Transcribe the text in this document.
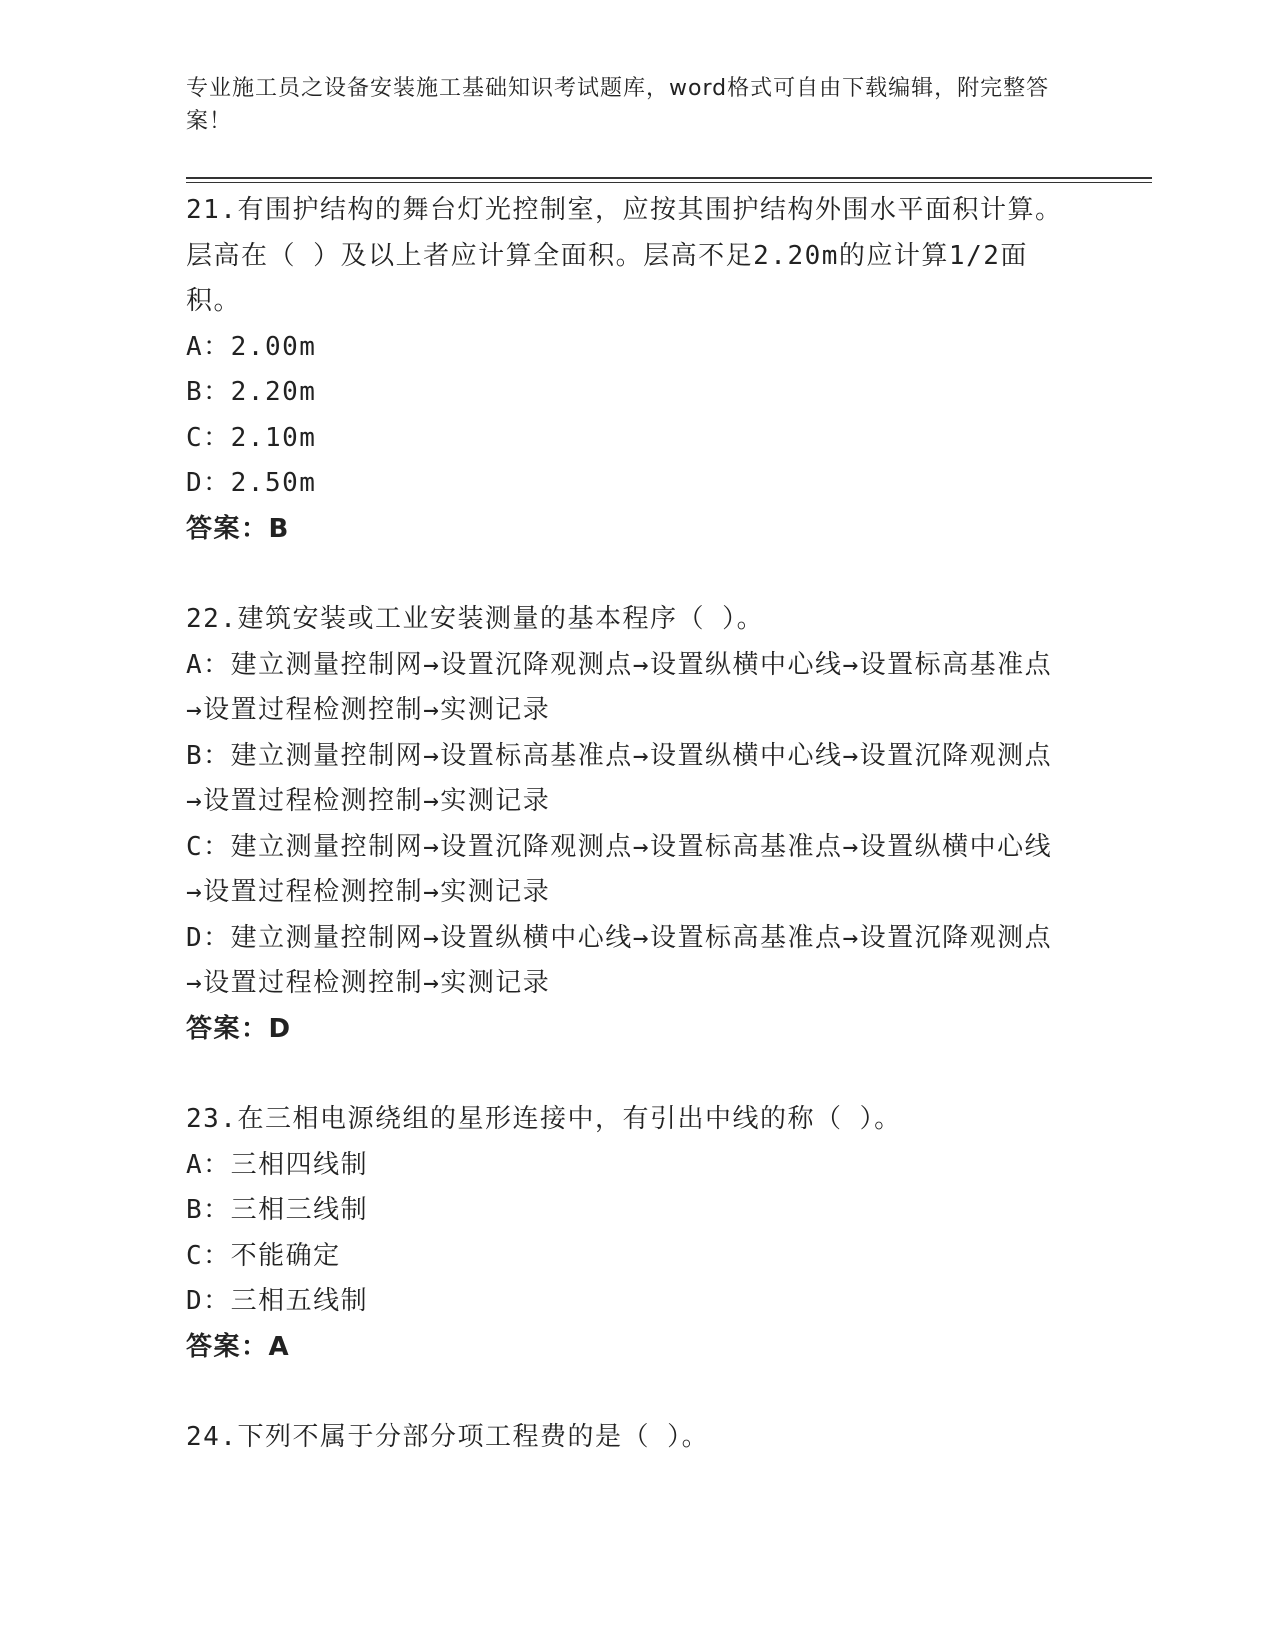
专业施工员之设备安装施工基础知识考试题库，word格式可自由下载编辑，附完整答案！

21.有围护结构的舞台灯光控制室，应按其围护结构外围水平面积计算。层高在（ ）及以上者应计算全面积。层高不足2.20m的应计算1/2面积。

A：2.00m

B：2.20m

C：2.10m

D：2.50m

答案：B

22.建筑安装或工业安装测量的基本程序（ ）。

A：建立测量控制网→设置沉降观测点→设置纵横中心线→设置标高基准点→设置过程检测控制→实测记录

B：建立测量控制网→设置标高基准点→设置纵横中心线→设置沉降观测点→设置过程检测控制→实测记录

C：建立测量控制网→设置沉降观测点→设置标高基准点→设置纵横中心线→设置过程检测控制→实测记录

D：建立测量控制网→设置纵横中心线→设置标高基准点→设置沉降观测点→设置过程检测控制→实测记录

答案：D

23.在三相电源绕组的星形连接中，有引出中线的称（ ）。

A：三相四线制

B：三相三线制

C：不能确定

D：三相五线制

答案：A

24.下列不属于分部分项工程费的是（ ）。
